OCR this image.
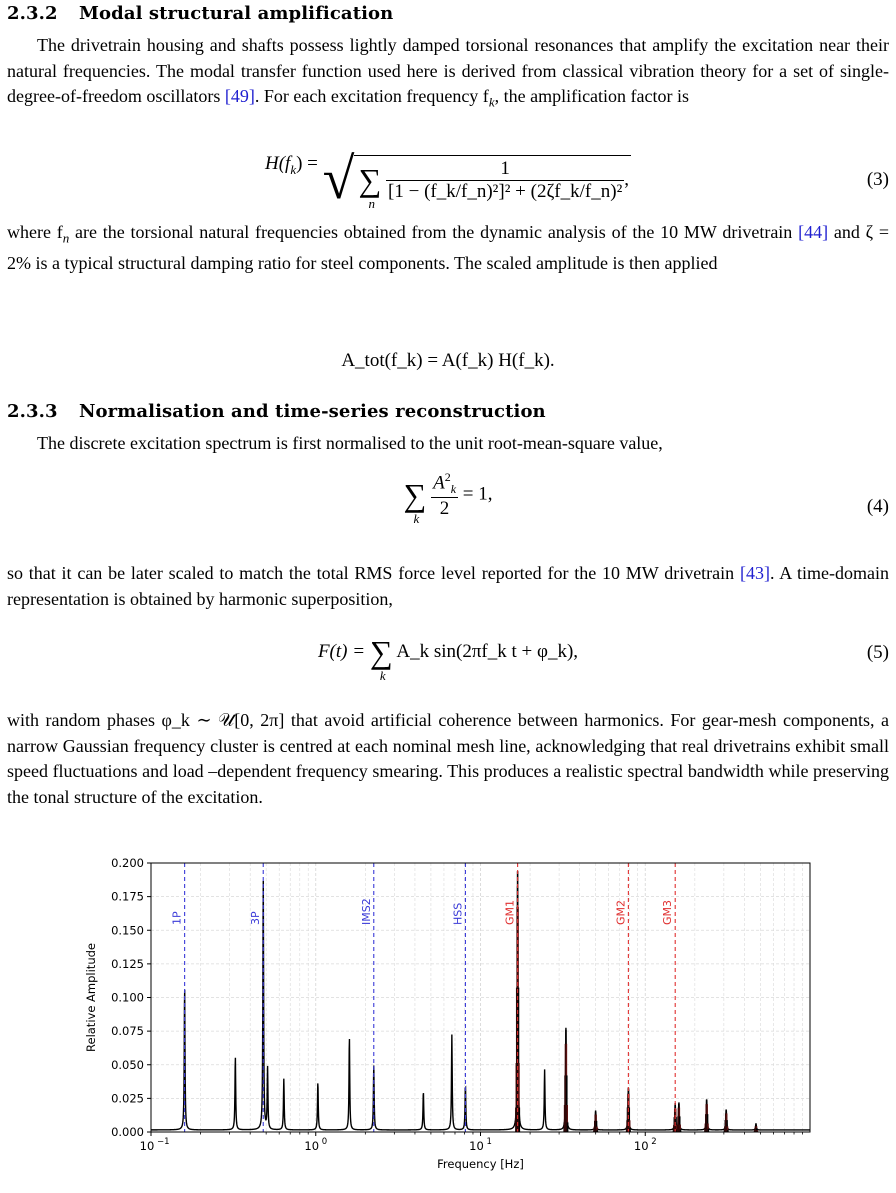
2.3.2 Modal structural amplification

The drivetrain housing and shafts possess lightly damped torsional resonances that amplify the excitation near their natural frequencies. The modal transfer function used here is derived from classical vibration theory for a set of single-degree-of-freedom oscillators [49]. For each excitation frequency $f_k$, the amplification factor is

$H(f_k)$ = √ ∑
n

$\frac{1}{\text{[1 − (f\_k/f\_n)²]² + (2ζf\_k/f\_n)²}}$ ,	(3)

where $f_n$ are the torsional natural frequencies obtained from the dynamic analysis of the 10 MW drivetrain [44] and ζ = 2% is a typical structural damping ratio for steel components. The scaled amplitude is then applied

A_tot(f_k) = A(f_k) H(f_k).
2.3.3 Normalisation and time-series reconstruction

The discrete excitation spectrum is first normalised to the unit root-mean-square value,

∑
k
$\frac{A^2_k}{2} = 1$,
(4)

so that it can be later scaled to match the total RMS force level reported for the 10 MW drivetrain [43]. A time-domain representation is obtained by harmonic superposition,

F(t) = ∑
k
A_k sin(2πf_k t + φ_k),	(5)

with random phases φ_k ∼ 𝒰[0, 2π] that avoid artificial coherence between harmonics. For gear-mesh components, a narrow Gaussian frequency cluster is centred at each nominal mesh line, acknowledging that real drivetrains exhibit small speed fluctuations and load –dependent frequency smearing. This produces a realistic spectral bandwidth while preserving the tonal structure of the excitation.

1P	3P	IMS2	HSS	GM1	GM2	GM3
0.000
0.025
0.050
0.075
0.100
0.125
0.150
0.175
0.200
10 −1	10 0	10 1	10 2
Frequency [Hz]
Relative Amplitude
